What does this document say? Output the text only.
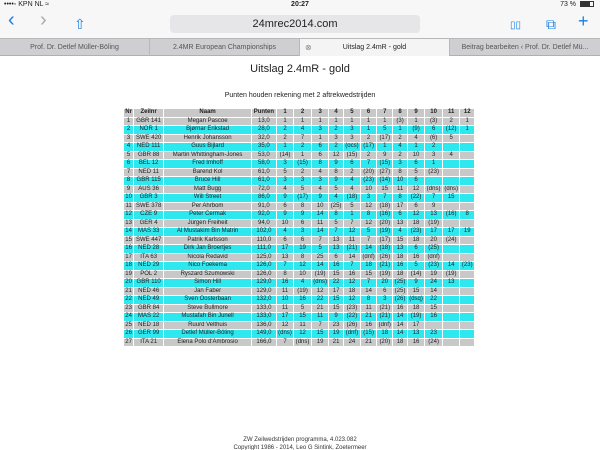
••••◦ KPN NL ≈	20:27	73 %
‹ › ⇧	24mrec2014.com	▯▯ ⧉ +
Prof. Dr. Detlef Müller-Böling	2.4MR European Championships	⊗	Uitslag 2.4mR - gold	Beitrag bearbeiten ‹ Prof. Dr. Detlef Mü...
Uitslag 2.4mR - gold
Punten houden rekening met 2 aftrekwedstrijden
Nr	Zeilnr	Naam	Punten	1	2	3	4	5	6	7	8	9	10	11	12
1	GBR 141	Megan Pascoe	13,0	1	1	1	1	1	1	1	(3)	1	(3)	2	1
2	NOR 1	Bjørnar Erikstad	28,0	2	4	3	2	3	1	5	1	(9)	6	(12)	1
3	SWE 420	Henrik Johansson	32,0	2	7	1	3	3	2	(17)	2	4	(6)	5	
4	NED 111	Guus Bijlard	35,0	1	2	6	2	(ocs)	(17)	1	4	1	2		
5	GBR 88	Martin Whittingham-Jones	53,0	(14)	1	6	12	(15)	2	9	2	10	3	4	
6	BEL 12	Fred Imhoff	58,0	3	(15)	8	9	6	7	(15)	3	6	1		
7	NED 11	Barend Kol	61,0	5	2	4	8	2	(20)	(27)	8	5	(23)		
8	GBR 115	Bruce Hill	61,0	3	3	3	9	4	(23)	(14)	10	6			
9	AUS 36	Matt Bugg	72,0	4	5	4	5	4	10	15	11	12	(dns)	(dns)	
10	GBR 3	Will Street	86,0	9	(17)	9	4	(18)	3	7	8	(22)	7	15	
11	SWE 378	Per Ahrbom	91,0	6	8	10	(25)	5	12	(18)	17	6	9		
12	CZE 9	Peter Cermak	92,0	9	9	14	8	1	8	(16)	6	12	13	(16)	8
13	GER 4	Jürgen Freiheit	94,0	10	6	11	5	7	12	(20)	13	18	(19)		
14	MAS 33	Al Mustakim Bin Matrin	102,0	4	3	14	7	12	5	(19)	4	(23)	17	17	19
15	SWE 447	Patrik Karlsson	110,0	6	6	7	13	11	7	(17)	15	18	20	(24)	
16	NED 28	Dirk Jan Broertjes	111,0	17	19	5	13	(21)	14	(18)	13	6	(25)		
17	ITA 63	Nicola Redavid	125,0	13	8	25	6	14	(dnf)	(26)	18	16	(dnf)		
18	NED 29	Nico Foekema	126,0	7	12	14	16	7	18	(21)	16	5	(23)	14	(23)
19	POL 2	Ryszard Szumowski	126,0	8	10	(19)	15	16	15	(19)	18	(14)	19	(19)	
20	GBR 110	Simon Hill	129,0	16	4	(dns)	22	12	7	20	(25)	9	24	13	
21	NED 46	Jan Faber	129,0	11	(19)	12	17	18	14	6	(25)	15	14		
22	NED 49	Sven Oosterbaan	132,0	10	16	22	15	12	8	3	(26)	(dsq)	22		
23	GBR 84	Steve Bullmore	133,0	11	5	21	15	(23)	11	(21)	16	18	15		
24	MAS 22	Mustafah Bin Junell	133,0	17	15	11	9	(22)	21	(21)	14	(19)	16		
25	NED 18	Ruurd Velthuis	136,0	12	11	7	23	(26)	16	(dnf)	14	17			
26	GER 99	Detlef Müller-Böling	149,0	(dns)	12	15	19	(dnf)	(15)	18	14	13	23		
27	ITA 21	Elena Polo d'Ambrosio	166,0	7	(dns)	19	21	24	21	(20)	18	16	(24)		
ZW Zeilwedstrijden programma, 4.023.082
Copyright 1986 - 2014, Leo G Sintink, Zoetermeer
